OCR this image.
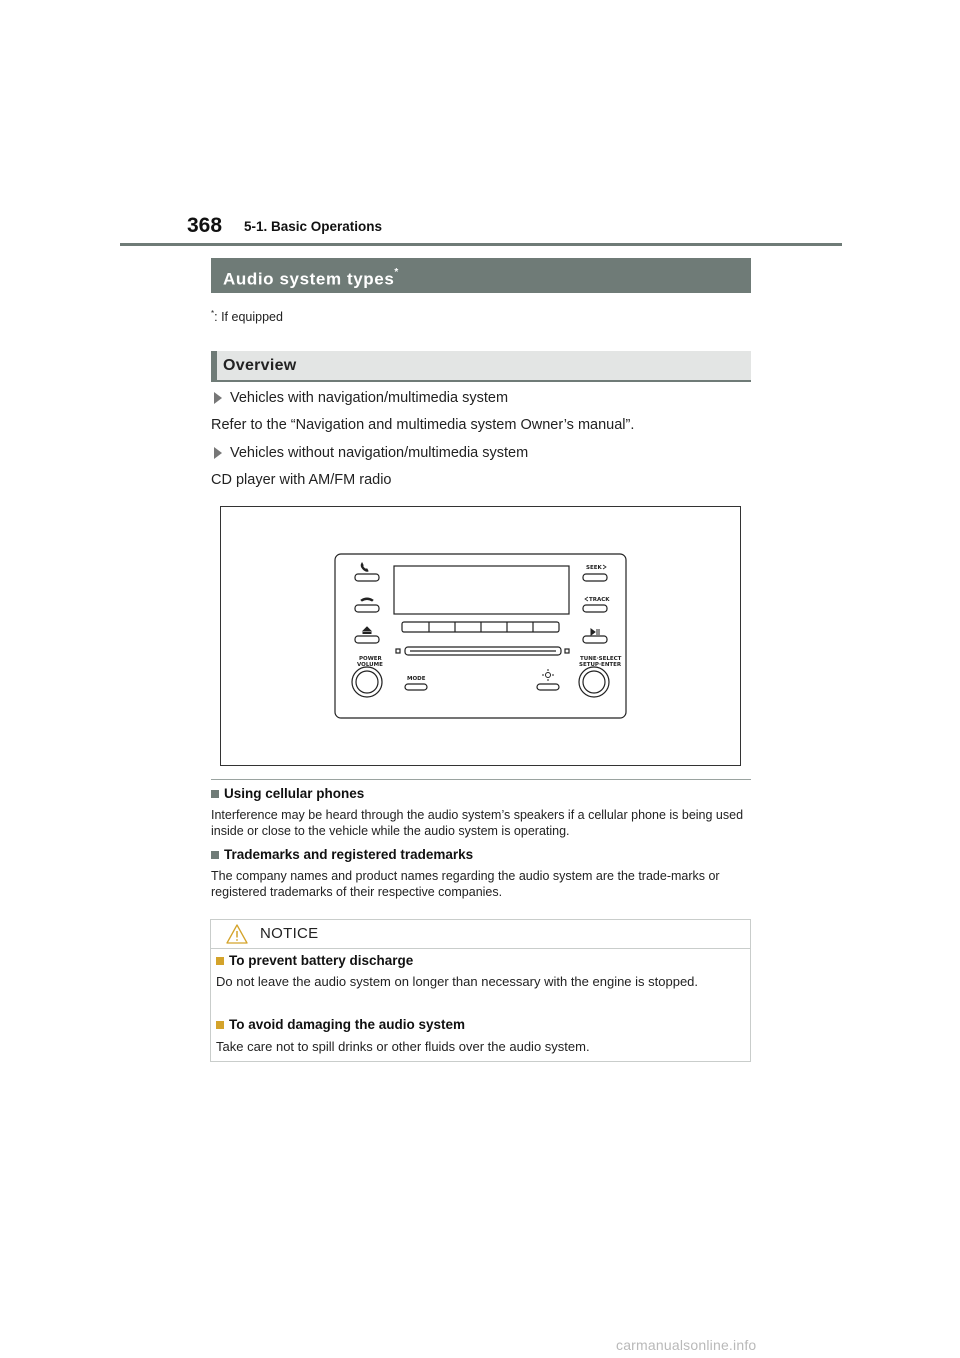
368 5-1. Basic Operations
Audio system types*
*: If equipped
Overview
Vehicles with navigation/multimedia system
Refer to the “Navigation and multimedia system Owner’s manual”.
Vehicles without navigation/multimedia system
CD player with AM/FM radio
SEEK
TRACK
POWER
VOLUME
TUNE·SELECT
SETUP·ENTER
MODE
Using cellular phones
Interference may be heard through the audio system’s speakers if a cellular phone is being used inside or close to the vehicle while the audio system is operating.
Trademarks and registered trademarks
The company names and product names regarding the audio system are the trade-marks or registered trademarks of their respective companies.
NOTICE
To prevent battery discharge
Do not leave the audio system on longer than necessary with the engine is stopped.
To avoid damaging the audio system
Take care not to spill drinks or other fluids over the audio system.
carmanualsonline.info
